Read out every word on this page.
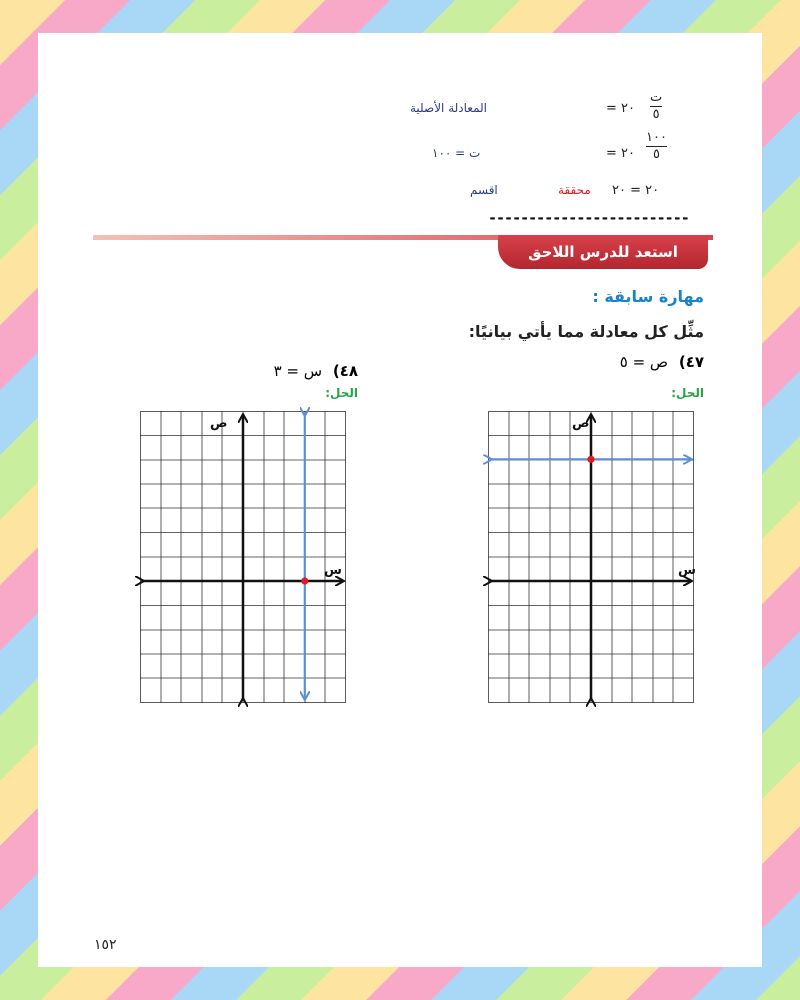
ت
٥
= ٢٠
المعادلة الأصلية
١٠٠
٥
= ٢٠
ت = ١٠٠
٢٠ = ٢٠
محققة
اقسم
-------------------------
استعد للدرس اللاحق
مهارة سابقة :
مثِّل كل معادلة مما يأتي بيانيًا:
٤٧) ص = ٥
الحل:
٤٨) س = ٣
الحل:
ص
س
ص
س
١٥٢
